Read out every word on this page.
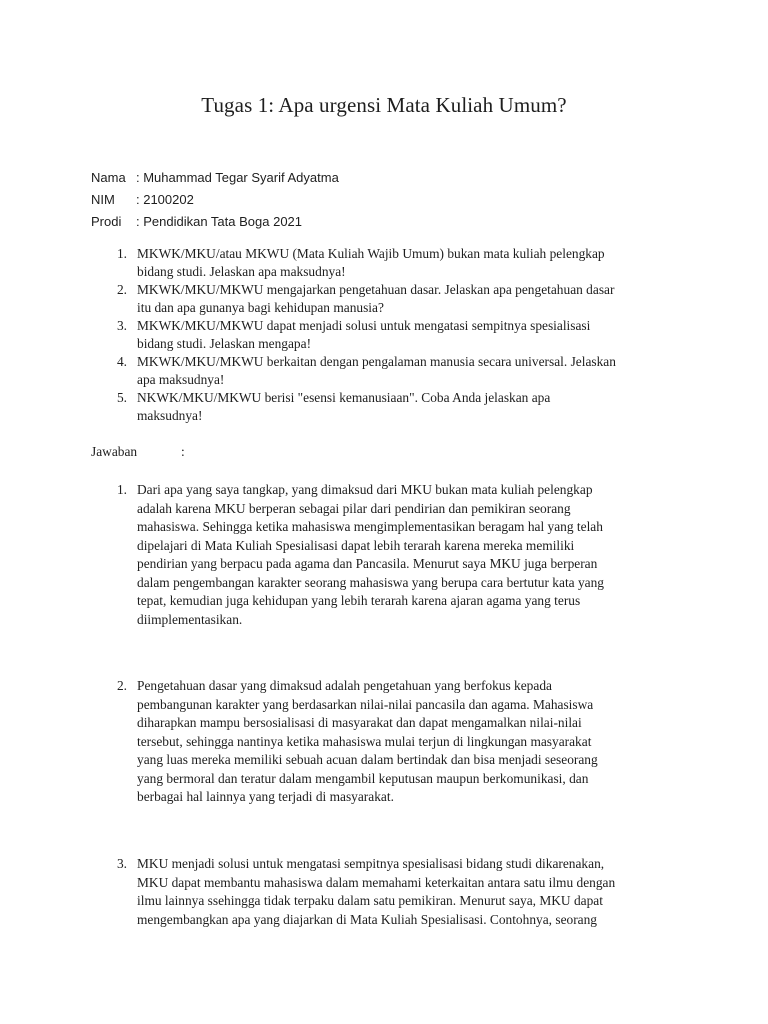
Tugas 1: Apa urgensi Mata Kuliah Umum?
Nama : Muhammad Tegar Syarif Adyatma
NIM	: 2100202
Prodi	: Pendidikan Tata Boga 2021
1. MKWK/MKU/atau MKWU (Mata Kuliah Wajib Umum) bukan mata kuliah pelengkap
bidang studi. Jelaskan apa maksudnya!
2. MKWK/MKU/MKWU mengajarkan pengetahuan dasar. Jelaskan apa pengetahuan dasar
itu dan apa gunanya bagi kehidupan manusia?
3. MKWK/MKU/MKWU dapat menjadi solusi untuk mengatasi sempitnya spesialisasi
bidang studi. Jelaskan mengapa!
4. MKWK/MKU/MKWU berkaitan dengan pengalaman manusia secara universal. Jelaskan
apa maksudnya!
5. NKWK/MKU/MKWU berisi "esensi kemanusiaan". Coba Anda jelaskan apa
maksudnya!
Jawaban	:
1. Dari apa yang saya tangkap, yang dimaksud dari MKU bukan mata kuliah pelengkap
adalah karena MKU berperan sebagai pilar dari pendirian dan pemikiran seorang
mahasiswa. Sehingga ketika mahasiswa mengimplementasikan beragam hal yang telah
dipelajari di Mata Kuliah Spesialisasi dapat lebih terarah karena mereka memiliki
pendirian yang berpacu pada agama dan Pancasila. Menurut saya MKU juga berperan
dalam pengembangan karakter seorang mahasiswa yang berupa cara bertutur kata yang
tepat, kemudian juga kehidupan yang lebih terarah karena ajaran agama yang terus
diimplementasikan.
2. Pengetahuan dasar yang dimaksud adalah pengetahuan yang berfokus kepada
pembangunan karakter yang berdasarkan nilai-nilai pancasila dan agama. Mahasiswa
diharapkan mampu bersosialisasi di masyarakat dan dapat mengamalkan nilai-nilai
tersebut, sehingga nantinya ketika mahasiswa mulai terjun di lingkungan masyarakat
yang luas mereka memiliki sebuah acuan dalam bertindak dan bisa menjadi seseorang
yang bermoral dan teratur dalam mengambil keputusan maupun berkomunikasi, dan
berbagai hal lainnya yang terjadi di masyarakat.
3. MKU menjadi solusi untuk mengatasi sempitnya spesialisasi bidang studi dikarenakan,
MKU dapat membantu mahasiswa dalam memahami keterkaitan antara satu ilmu dengan
ilmu lainnya ssehingga tidak terpaku dalam satu pemikiran. Menurut saya, MKU dapat
mengembangkan apa yang diajarkan di Mata Kuliah Spesialisasi. Contohnya, seorang
